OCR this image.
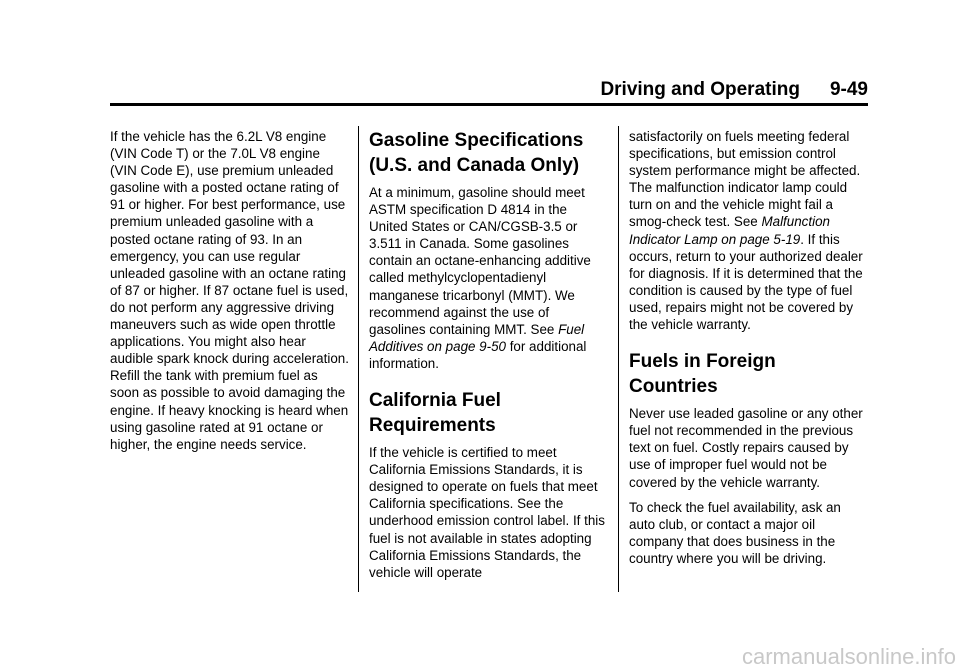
Driving and Operating 9-49

If the vehicle has the 6.2L V8 engine (VIN Code T) or the 7.0L V8 engine (VIN Code E), use premium unleaded gasoline with a posted octane rating of 91 or higher. For best performance, use premium unleaded gasoline with a posted octane rating of 93. In an emergency, you can use regular unleaded gasoline with an octane rating of 87 or higher. If 87 octane fuel is used, do not perform any aggressive driving maneuvers such as wide open throttle applications. You might also hear audible spark knock during acceleration. Refill the tank with premium fuel as soon as possible to avoid damaging the engine. If heavy knocking is heard when using gasoline rated at 91 octane or higher, the engine needs service.

Gasoline Specifications
(U.S. and Canada Only)

At a minimum, gasoline should meet ASTM specification D 4814 in the United States or CAN/CGSB-3.5 or 3.511 in Canada. Some gasolines contain an octane-enhancing additive called methylcyclopentadienyl manganese tricarbonyl (MMT). We recommend against the use of gasolines containing MMT. See Fuel Additives on page 9-50 for additional information.

California Fuel
Requirements

If the vehicle is certified to meet California Emissions Standards, it is designed to operate on fuels that meet California specifications. See the underhood emission control label. If this fuel is not available in states adopting California Emissions Standards, the vehicle will operate

satisfactorily on fuels meeting federal specifications, but emission control system performance might be affected. The malfunction indicator lamp could turn on and the vehicle might fail a smog-check test. See Malfunction Indicator Lamp on page 5-19. If this occurs, return to your authorized dealer for diagnosis. If it is determined that the condition is caused by the type of fuel used, repairs might not be covered by the vehicle warranty.

Fuels in Foreign
Countries

Never use leaded gasoline or any other fuel not recommended in the previous text on fuel. Costly repairs caused by use of improper fuel would not be covered by the vehicle warranty.

To check the fuel availability, ask an auto club, or contact a major oil company that does business in the country where you will be driving.

carmanualsonline.info
